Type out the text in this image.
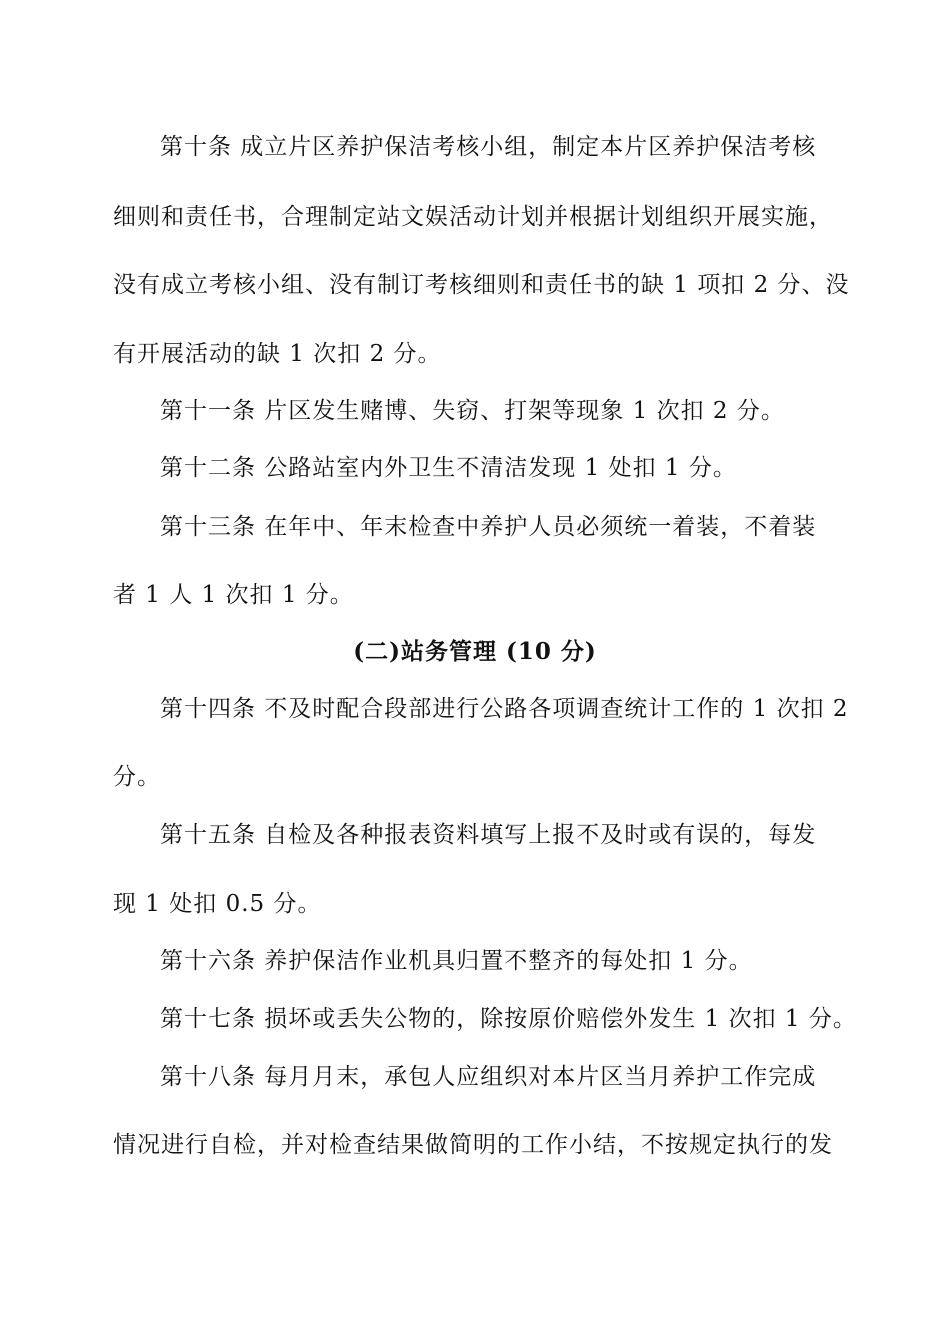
第十条 成立片区养护保洁考核小组，制定本片区养护保洁考核
细则和责任书，合理制定站文娱活动计划并根据计划组织开展实施，
没有成立考核小组、没有制订考核细则和责任书的缺 1 项扣 2 分、没
有开展活动的缺 1 次扣 2 分。
第十一条 片区发生赌博、失窃、打架等现象 1 次扣 2 分。
第十二条 公路站室内外卫生不清洁发现 1 处扣 1 分。
第十三条 在年中、年末检查中养护人员必须统一着装，不着装
者 1 人 1 次扣 1 分。
(二)站务管理 (10 分)
第十四条 不及时配合段部进行公路各项调查统计工作的 1 次扣 2
分。
第十五条 自检及各种报表资料填写上报不及时或有误的，每发
现 1 处扣 0.5 分。
第十六条 养护保洁作业机具归置不整齐的每处扣 1 分。
第十七条 损坏或丢失公物的，除按原价赔偿外发生 1 次扣 1 分。
第十八条 每月月末，承包人应组织对本片区当月养护工作完成
情况进行自检，并对检查结果做简明的工作小结，不按规定执行的发
